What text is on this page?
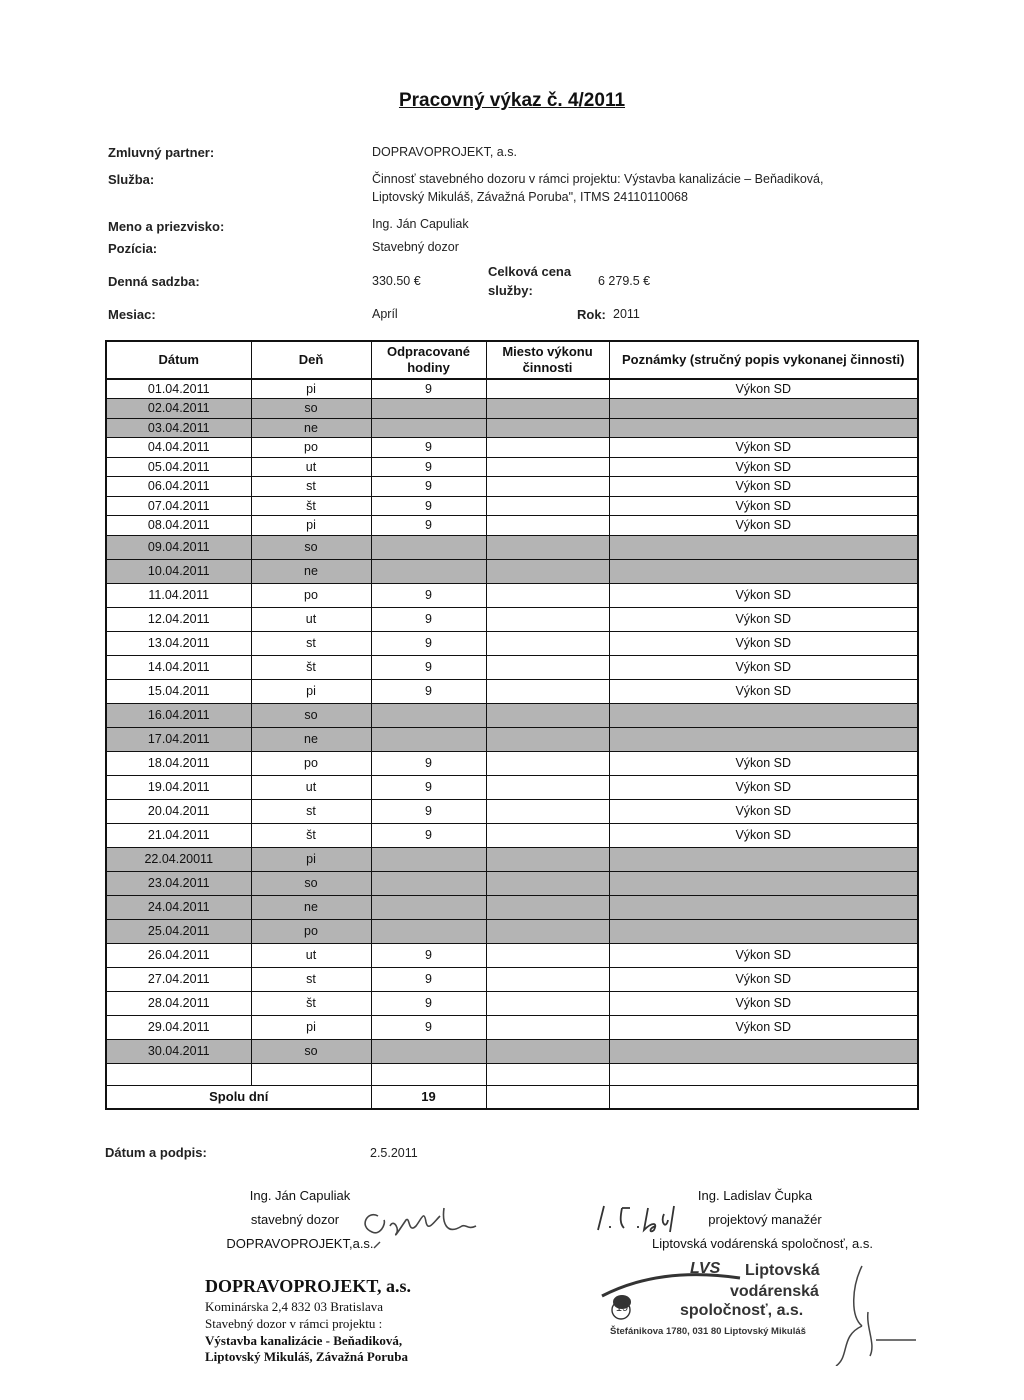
Pracovný výkaz č. 4/2011
Zmluvný partner:	DOPRAVOPROJEKT, a.s.
Služba:	Činnosť stavebného dozoru v rámci projektu: Výstavba kanalizácie – Beňadiková,
Liptovský Mikuláš, Závažná Poruba", ITMS 24110110068
Meno a priezvisko:	Ing. Ján Capuliak
Pozícia:	Stavebný dozor
Denná sadzba:	330.50 €
Celková cena
služby:
6 279.5 €
Mesiac:	Apríl	Rok: 2011
Dátum	Deň	Odpracované hodiny	Miesto výkonu činnosti	Poznámky (stručný popis vykonanej činnosti)
01.04.2011	pi	9		Výkon SD
02.04.2011	so			
03.04.2011	ne			
04.04.2011	po	9		Výkon SD
05.04.2011	ut	9		Výkon SD
06.04.2011	st	9		Výkon SD
07.04.2011	št	9		Výkon SD
08.04.2011	pi	9		Výkon SD
09.04.2011	so			
10.04.2011	ne			
11.04.2011	po	9		Výkon SD
12.04.2011	ut	9		Výkon SD
13.04.2011	st	9		Výkon SD
14.04.2011	št	9		Výkon SD
15.04.2011	pi	9		Výkon SD
16.04.2011	so			
17.04.2011	ne			
18.04.2011	po	9		Výkon SD
19.04.2011	ut	9		Výkon SD
20.04.2011	st	9		Výkon SD
21.04.2011	št	9		Výkon SD
22.04.20011	pi			
23.04.2011	so			
24.04.2011	ne			
25.04.2011	po			
26.04.2011	ut	9		Výkon SD
27.04.2011	st	9		Výkon SD
28.04.2011	št	9		Výkon SD
29.04.2011	pi	9		Výkon SD
30.04.2011	so			

Spolu dní		19		
Dátum a podpis:	2.5.2011
Ing. Ján Capuliak
stavebný dozor
DOPRAVOPROJEKT,a.s.
Ing. Ladislav Čupka
projektový manažér
Liptovská vodárenská spoločnosť, a.s.
DOPRAVOPROJEKT, a.s.
Kominárska 2,4 832 03 Bratislava
Stavebný dozor v rámci projektu :
Výstavba kanalizácie - Beňadiková,
Liptovský Mikuláš, Závažná Poruba
LVS Liptovská
vodárenská
19	spoločnosť, a.s.
Štefánikova 1780, 031 80 Liptovský Mikuláš
